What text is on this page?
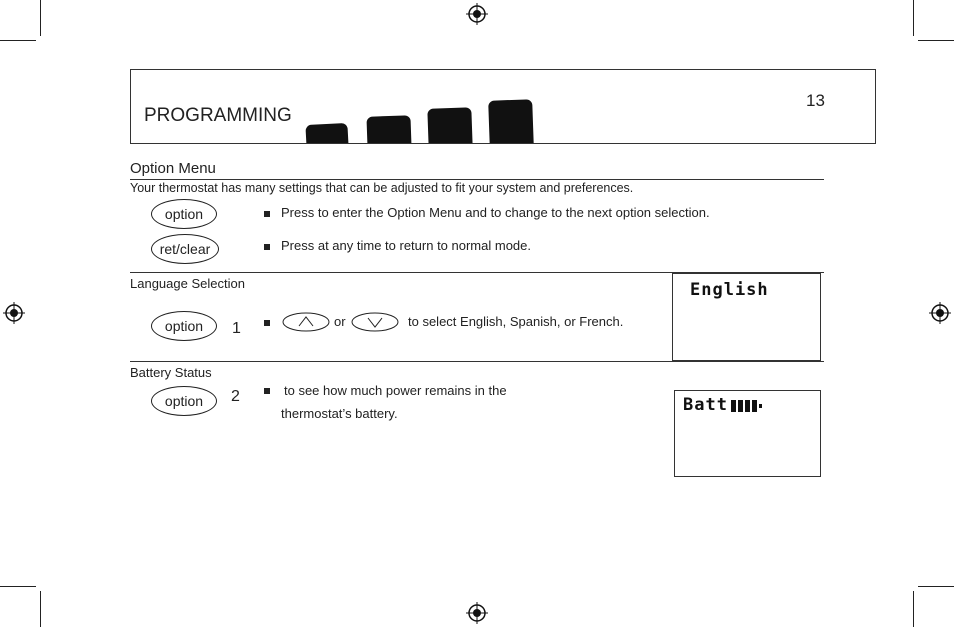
PROGRAMMING
13
Option Menu
Your thermostat has many settings that can be adjusted to fit your system and preferences.
option	Press to enter the Option Menu and to change to the next option selection.
ret/clear	Press at any time to return to normal mode.
Language Selection
option 1	or	to select English, Spanish, or French.
English
Battery Status
option 2	to see how much power remains in the
thermostat’s battery.	Batt
